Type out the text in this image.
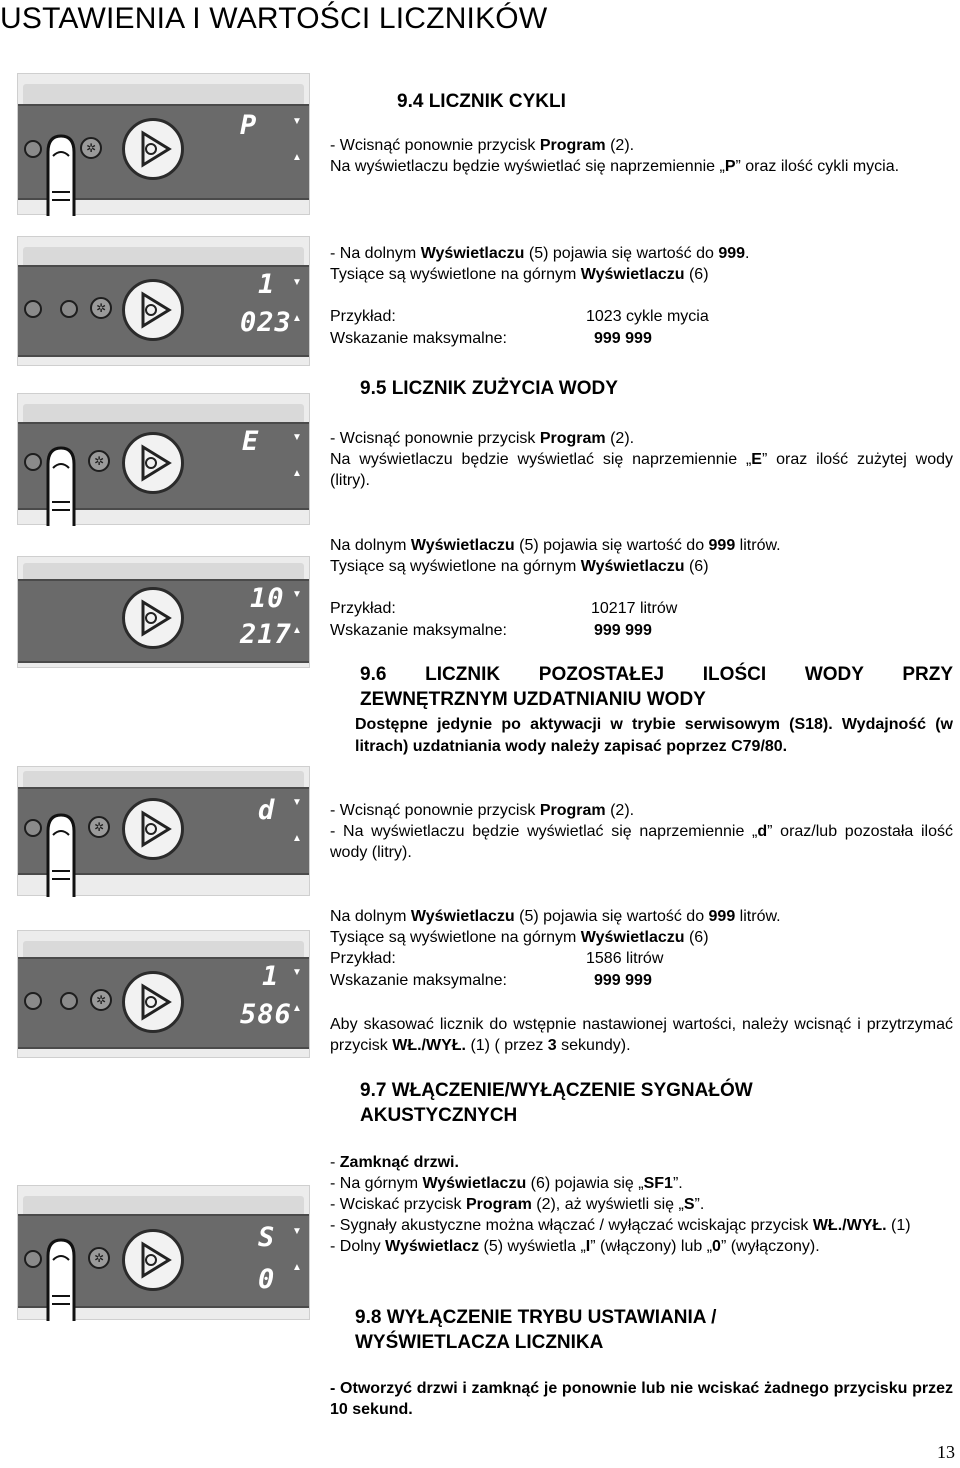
USTAWIENIA I WARTOŚCI LICZNIKÓW
✲
P	▼

▲
✲
1
023
▼

▲
✲
E	▼

▲
10
217
▼

▲
✲
d ▼

▲
✲
1
586
▼

▲
✲
S
0
▼

▲
9.4 LICZNIK CYKLI
- Wcisnąć ponownie przycisk Program (2).
Na wyświetlaczu będzie wyświetlać się naprzemiennie „P” oraz ilość cykli mycia.
- Na dolnym Wyświetlaczu (5) pojawia się wartość do 999.
Tysiące są wyświetlone na górnym Wyświetlaczu (6)
Przykład:	1023 cykle mycia
Wskazanie maksymalne:	999 999
9.5 LICZNIK ZUŻYCIA WODY
- Wcisnąć ponownie przycisk Program (2).
Na wyświetlaczu będzie wyświetlać się naprzemiennie „E” oraz ilość zużytej wody (litry).
Na dolnym Wyświetlaczu (5) pojawia się wartość do 999 litrów.
Tysiące są wyświetlone na górnym Wyświetlaczu (6)
Przykład:	10217 litrów
Wskazanie maksymalne:	999 999
9.6 LICZNIK POZOSTAŁEJ ILOŚCI WODY PRZY
ZEWNĘTRZNYM UZDATNIANIU WODY
Dostępne jedynie po aktywacji w trybie serwisowym (S18). Wydajność (w litrach) uzdatniania wody należy zapisać poprzez C79/80.
- Wcisnąć ponownie przycisk Program (2).
- Na wyświetlaczu będzie wyświetlać się naprzemiennie „d” oraz/lub pozostała ilość wody (litry).
Na dolnym Wyświetlaczu (5) pojawia się wartość do 999 litrów.
Tysiące są wyświetlone na górnym Wyświetlaczu (6)
Przykład:	1586 litrów
Wskazanie maksymalne:	999 999
Aby skasować licznik do wstępnie nastawionej wartości, należy wcisnąć i przytrzymać przycisk WŁ./WYŁ. (1) ( przez 3 sekundy).
9.7 WŁĄCZENIE/WYŁĄCZENIE SYGNAŁÓW
AKUSTYCZNYCH
- Zamknąć drzwi.
- Na górnym Wyświetlaczu (6) pojawia się „SF1”.
- Wciskać przycisk Program (2), aż wyświetli się „S”.
- Sygnały akustyczne można włączać / wyłączać wciskając przycisk WŁ./WYŁ. (1)
- Dolny Wyświetlacz (5) wyświetla „I” (włączony) lub „0” (wyłączony).
9.8 WYŁĄCZENIE TRYBU USTAWIANIA /
WYŚWIETLACZA LICZNIKA
- Otworzyć drzwi i zamknąć je ponownie lub nie wciskać żadnego przycisku przez 10 sekund.
13
